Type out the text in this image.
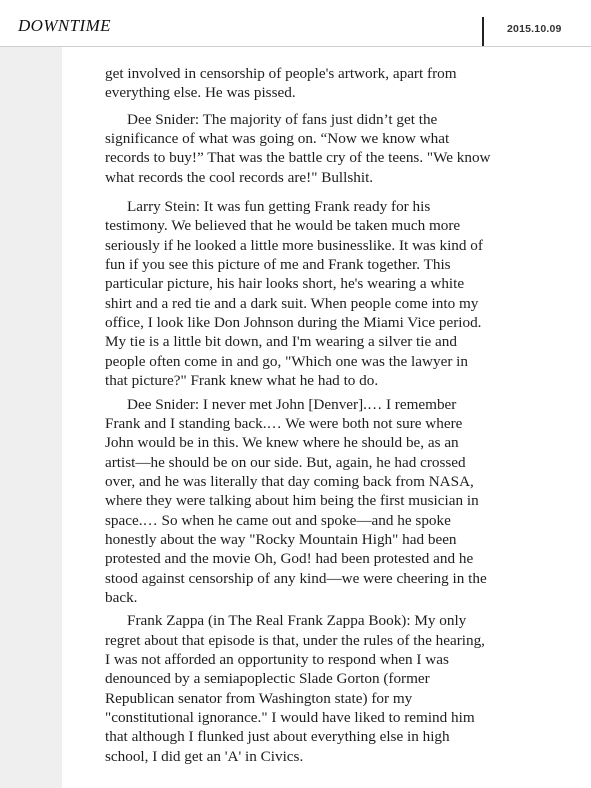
DOWNTIME	2015.10.09

get involved in censorship of people's artwork, apart from everything else. He was pissed.

Dee Snider: The majority of fans just didn’t get the significance of what was going on. “Now we know what records to buy!” That was the battle cry of the teens. "We know what records the cool records are!" Bullshit.

Larry Stein: It was fun getting Frank ready for his testimony. We believed that he would be taken much more seriously if he looked a little more businesslike. It was kind of fun if you see this picture of me and Frank together. This particular picture, his hair looks short, he's wearing a white shirt and a red tie and a dark suit. When people come into my office, I look like Don Johnson during the Miami Vice period. My tie is a little bit down, and I'm wearing a silver tie and people often come in and go, "Which one was the lawyer in that picture?" Frank knew what he had to do.

Dee Snider: I never met John [Denver].… I remember Frank and I standing back.… We were both not sure where John would be in this. We knew where he should be, as an artist—he should be on our side. But, again, he had crossed over, and he was literally that day coming back from NASA, where they were talking about him being the first musician in space.… So when he came out and spoke—and he spoke honestly about the way "Rocky Mountain High" had been protested and the movie Oh, God! had been protested and he stood against censorship of any kind—we were cheering in the back.

Frank Zappa (in The Real Frank Zappa Book): My only regret about that episode is that, under the rules of the hearing, I was not afforded an opportunity to respond when I was denounced by a semiapoplectic Slade Gorton (former Republican senator from Washington state) for my "constitutional ignorance." I would have liked to remind him that although I flunked just about everything else in high school, I did get an 'A' in Civics.
